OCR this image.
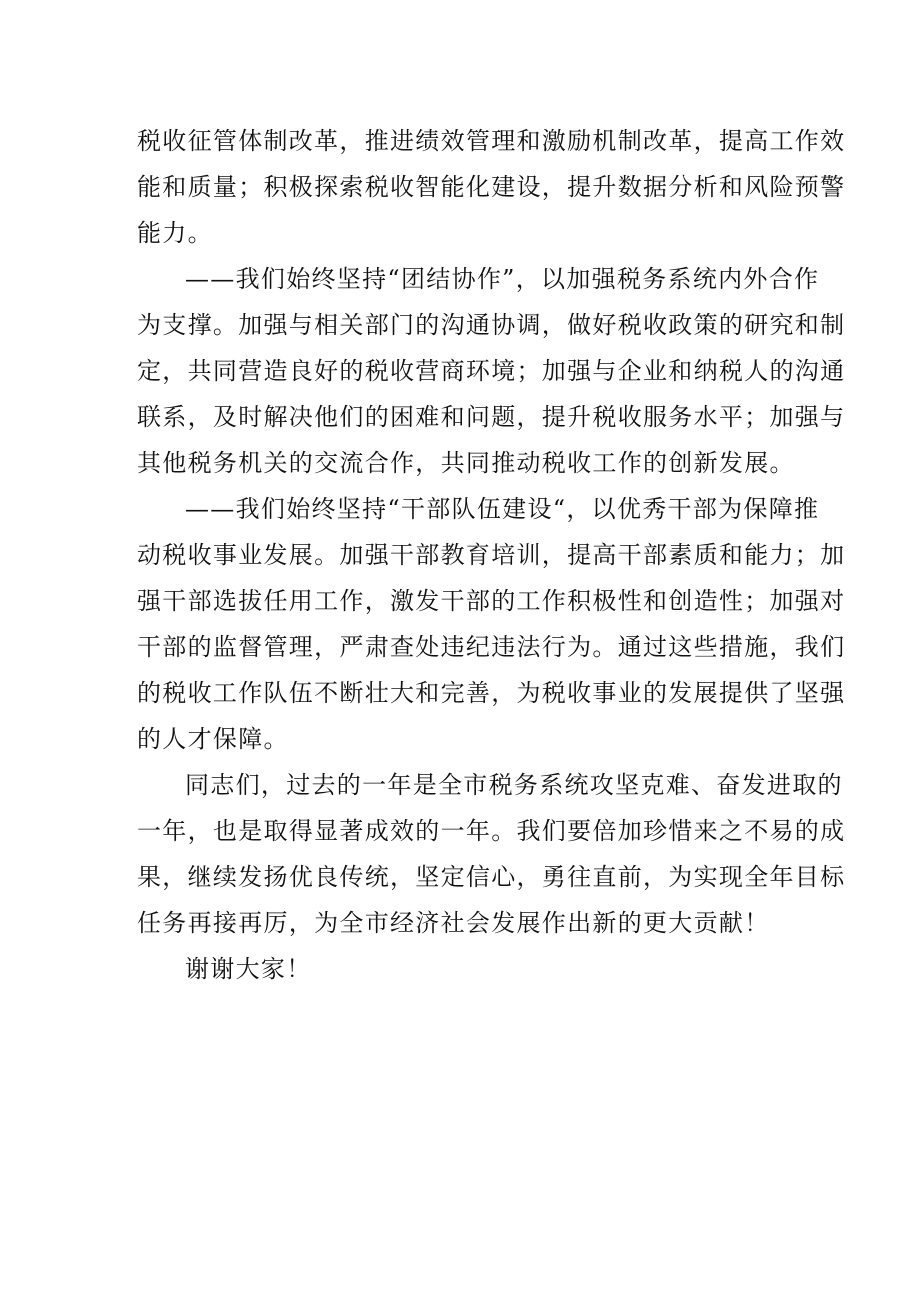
税收征管体制改革，推进绩效管理和激励机制改革，提高工作效
能和质量；积极探索税收智能化建设，提升数据分析和风险预警
能力。
——我们始终坚持“团结协作”，以加强税务系统内外合作
为支撑。加强与相关部门的沟通协调，做好税收政策的研究和制
定，共同营造良好的税收营商环境；加强与企业和纳税人的沟通
联系，及时解决他们的困难和问题，提升税收服务水平；加强与
其他税务机关的交流合作，共同推动税收工作的创新发展。
——我们始终坚持“干部队伍建设“，以优秀干部为保障推
动税收事业发展。加强干部教育培训，提高干部素质和能力；加
强干部选拔任用工作，激发干部的工作积极性和创造性；加强对
干部的监督管理，严肃查处违纪违法行为。通过这些措施，我们
的税收工作队伍不断壮大和完善，为税收事业的发展提供了坚强
的人才保障。
同志们，过去的一年是全市税务系统攻坚克难、奋发进取的
一年，也是取得显著成效的一年。我们要倍加珍惜来之不易的成
果，继续发扬优良传统，坚定信心，勇往直前，为实现全年目标
任务再接再厉，为全市经济社会发展作出新的更大贡献！
谢谢大家！
